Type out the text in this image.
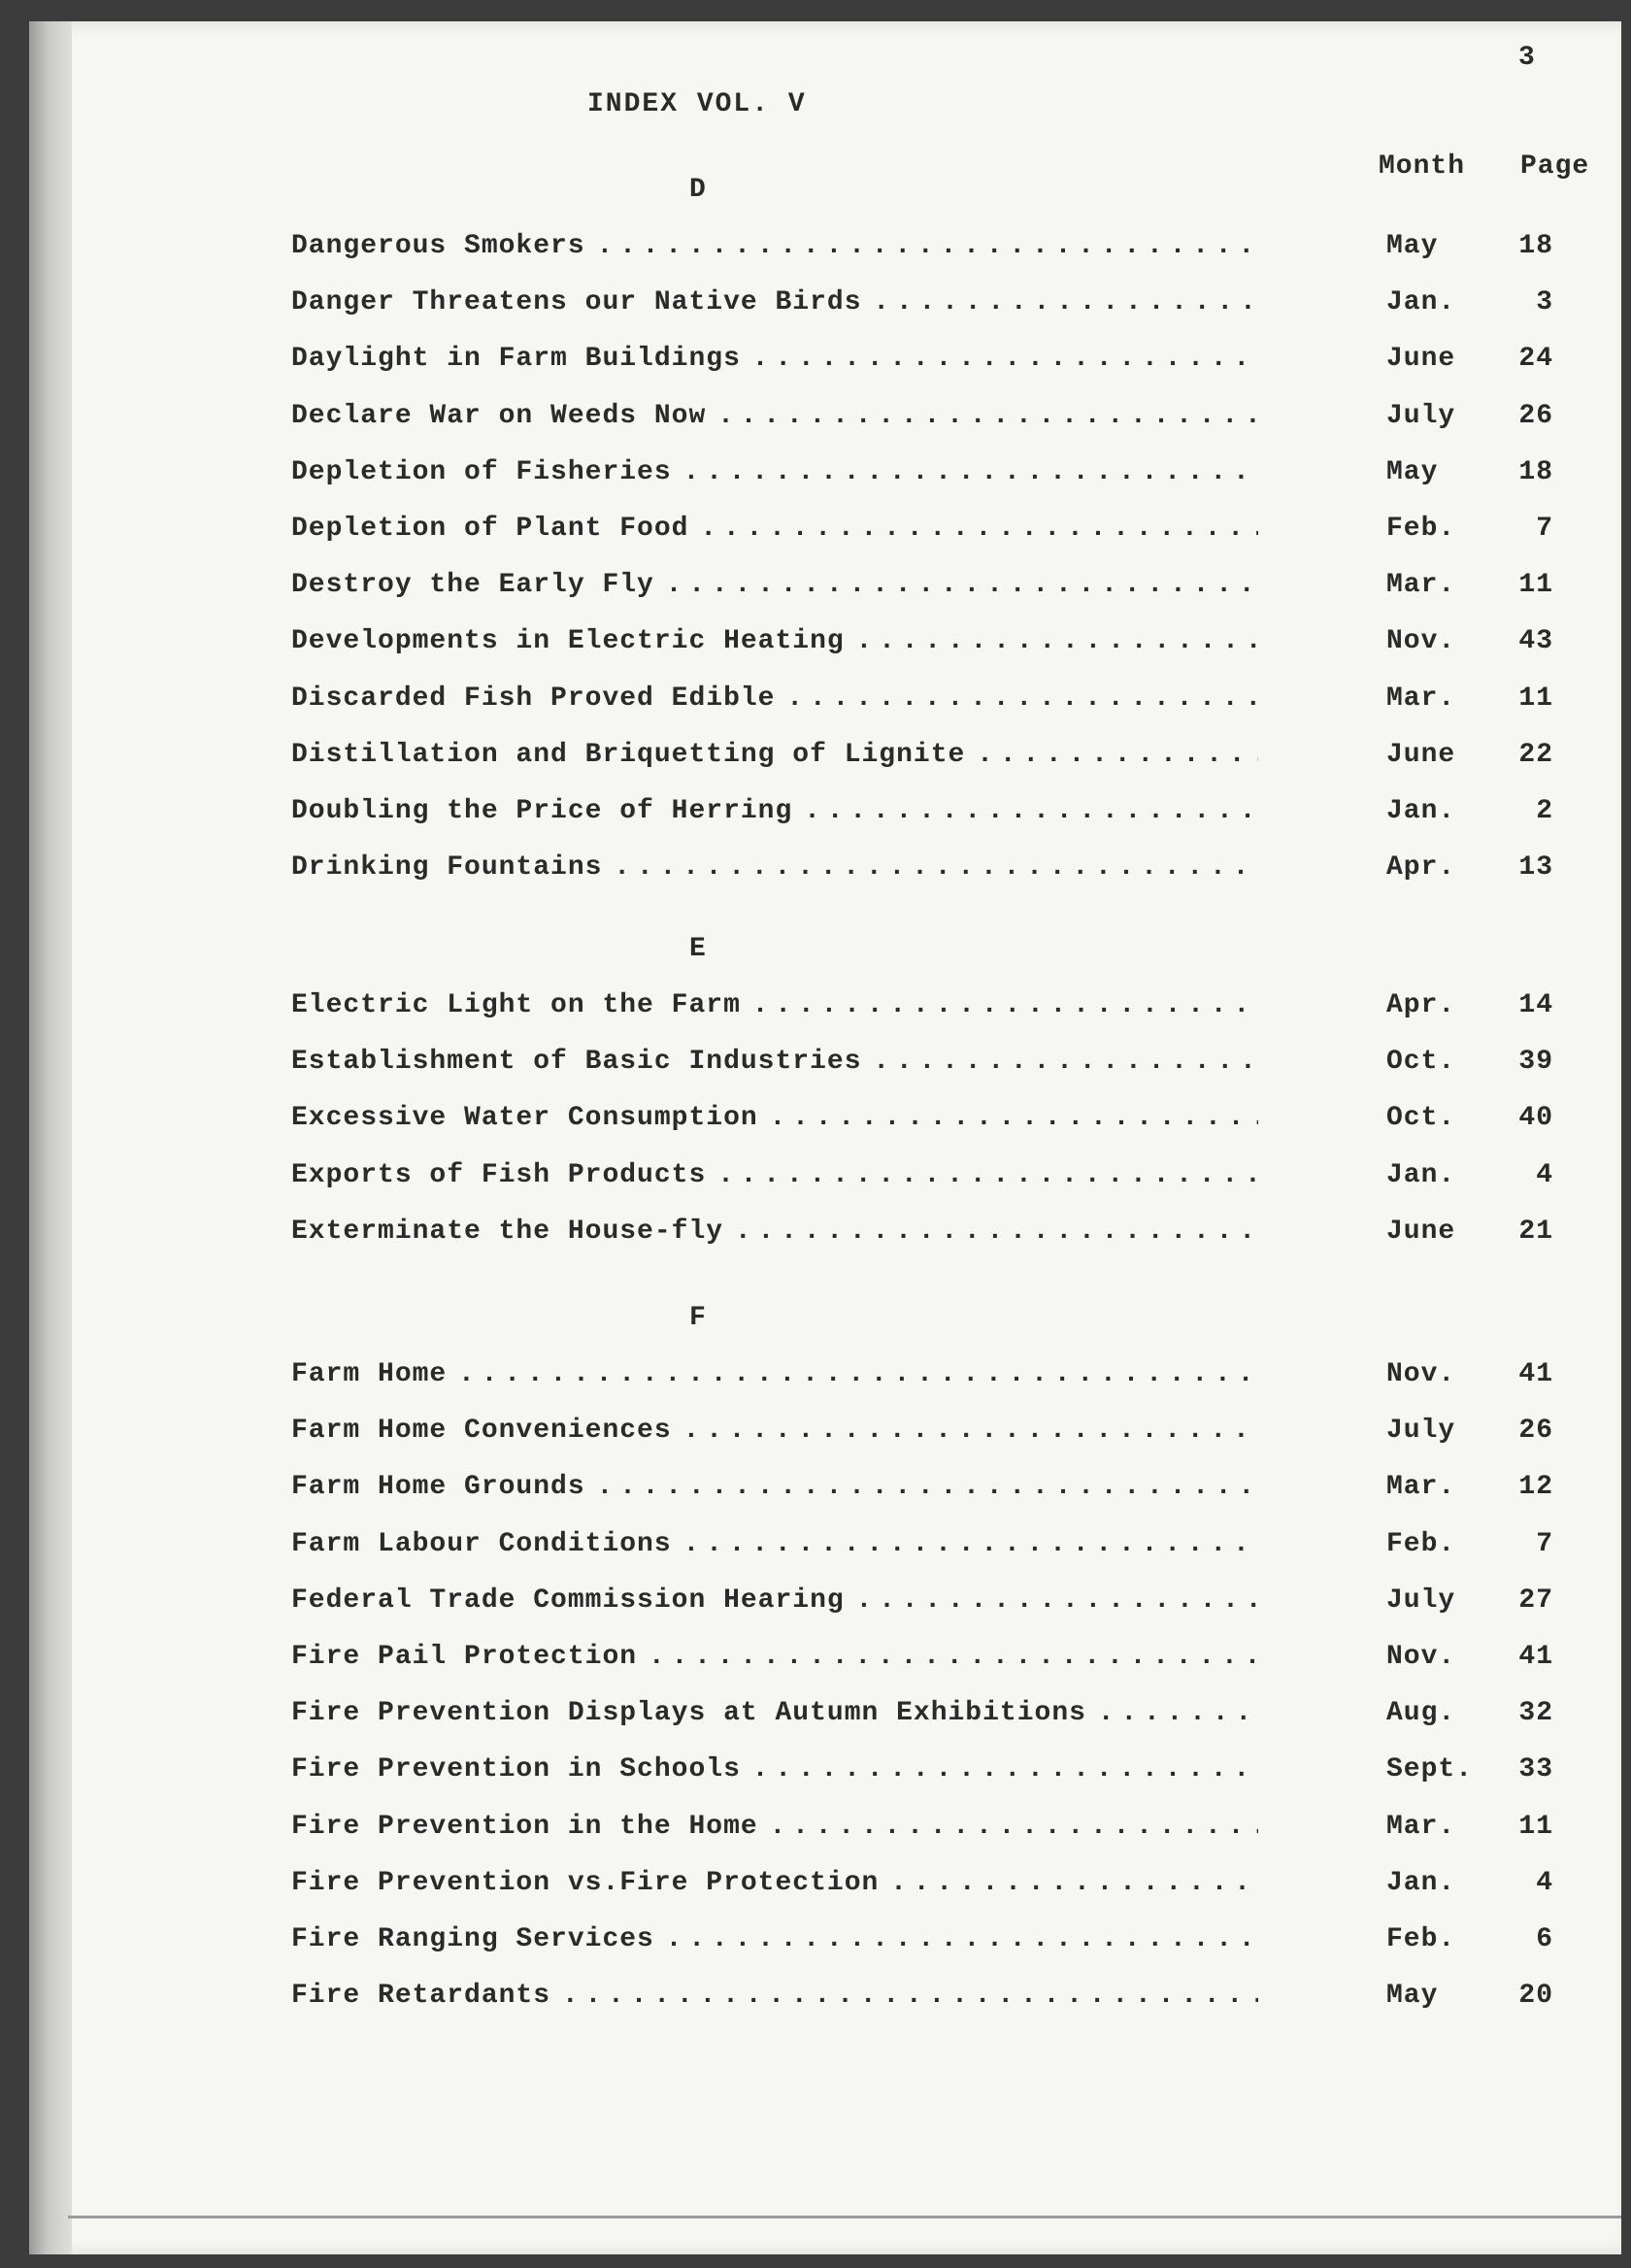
3
INDEX VOL. V
Month Page
D
Dangerous Smokers . . .	May	18
Danger Threatens our Native Birds . . .	Jan.	3
Daylight in Farm Buildings . . .	June 24
Declare War on Weeds Now . . .	July 26
Depletion of Fisheries . . .	May	18
Depletion of Plant Food . . .	Feb.	7
Destroy the Early Fly . . .	Mar. 11
Developments in Electric Heating . . .	Nov. 43
Discarded Fish Proved Edible . . .	Mar. 11
Distillation and Briquetting of Lignite . . .	June 22
Doubling the Price of Herring . . .	Jan.	2
Drinking Fountains . . .	Apr. 13
E
Electric Light on the Farm . . .	Apr. 14
Establishment of Basic Industries . . .	Oct. 39
Excessive Water Consumption . . .	Oct. 40
Exports of Fish Products . . .	Jan.	4
Exterminate the House-fly . . .	June 21
F
Farm Home . . .	Nov. 41
Farm Home Conveniences . . .	July 26
Farm Home Grounds . . .	Mar. 12
Farm Labour Conditions . . .	Feb.	7
Federal Trade Commission Hearing . . .	July 27
Fire Pail Protection . . .	Nov. 41
Fire Prevention Displays at Autumn Exhibitions . . .	Aug. 32
Fire Prevention in Schools . . .	Sept. 33
Fire Prevention in the Home . . .	Mar. 11
Fire Prevention vs.Fire Protection . . .	Jan.	4
Fire Ranging Services . . .	Feb.	6
Fire Retardants . . .	May	20
